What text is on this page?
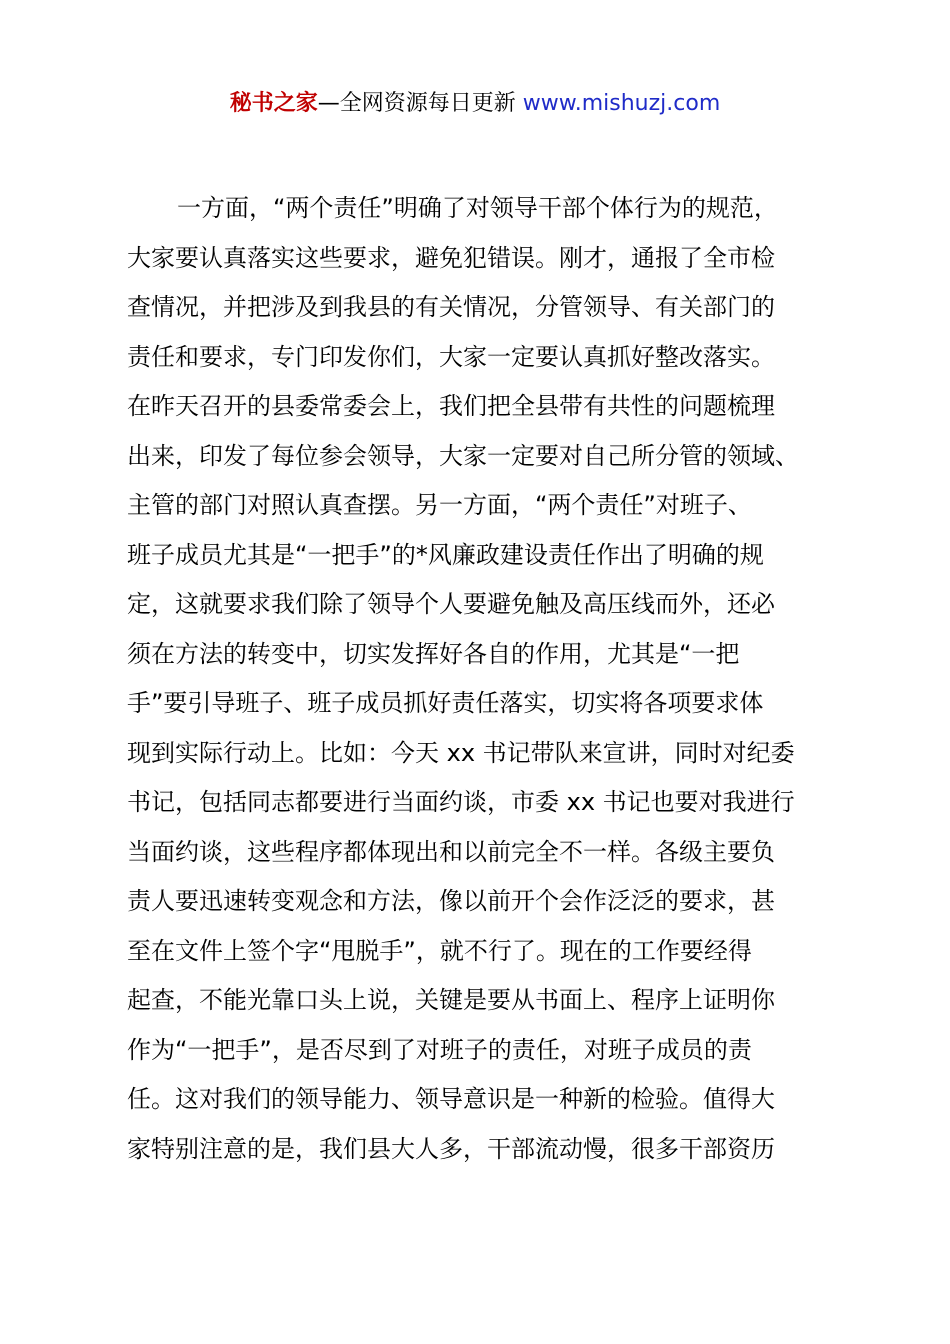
秘书之家—全网资源每日更新 www.mishuzj.com
一方面，“两个责任”明确了对领导干部个体行为的规范，
大家要认真落实这些要求，避免犯错误。刚才，通报了全市检
查情况，并把涉及到我县的有关情况，分管领导、有关部门的
责任和要求，专门印发你们，大家一定要认真抓好整改落实。
在昨天召开的县委常委会上，我们把全县带有共性的问题梳理
出来，印发了每位参会领导，大家一定要对自己所分管的领域、
主管的部门对照认真查摆。另一方面，“两个责任”对班子、
班子成员尤其是“一把手”的*风廉政建设责任作出了明确的规
定，这就要求我们除了领导个人要避免触及高压线而外，还必
须在方法的转变中，切实发挥好各自的作用，尤其是“一把
手”要引导班子、班子成员抓好责任落实，切实将各项要求体
现到实际行动上。比如：今天 xx 书记带队来宣讲，同时对纪委
书记，包括同志都要进行当面约谈，市委 xx 书记也要对我进行
当面约谈，这些程序都体现出和以前完全不一样。各级主要负
责人要迅速转变观念和方法，像以前开个会作泛泛的要求，甚
至在文件上签个字“甩脱手”，就不行了。现在的工作要经得
起查，不能光靠口头上说，关键是要从书面上、程序上证明你
作为“一把手”，是否尽到了对班子的责任，对班子成员的责
任。这对我们的领导能力、领导意识是一种新的检验。值得大
家特别注意的是，我们县大人多，干部流动慢，很多干部资历
